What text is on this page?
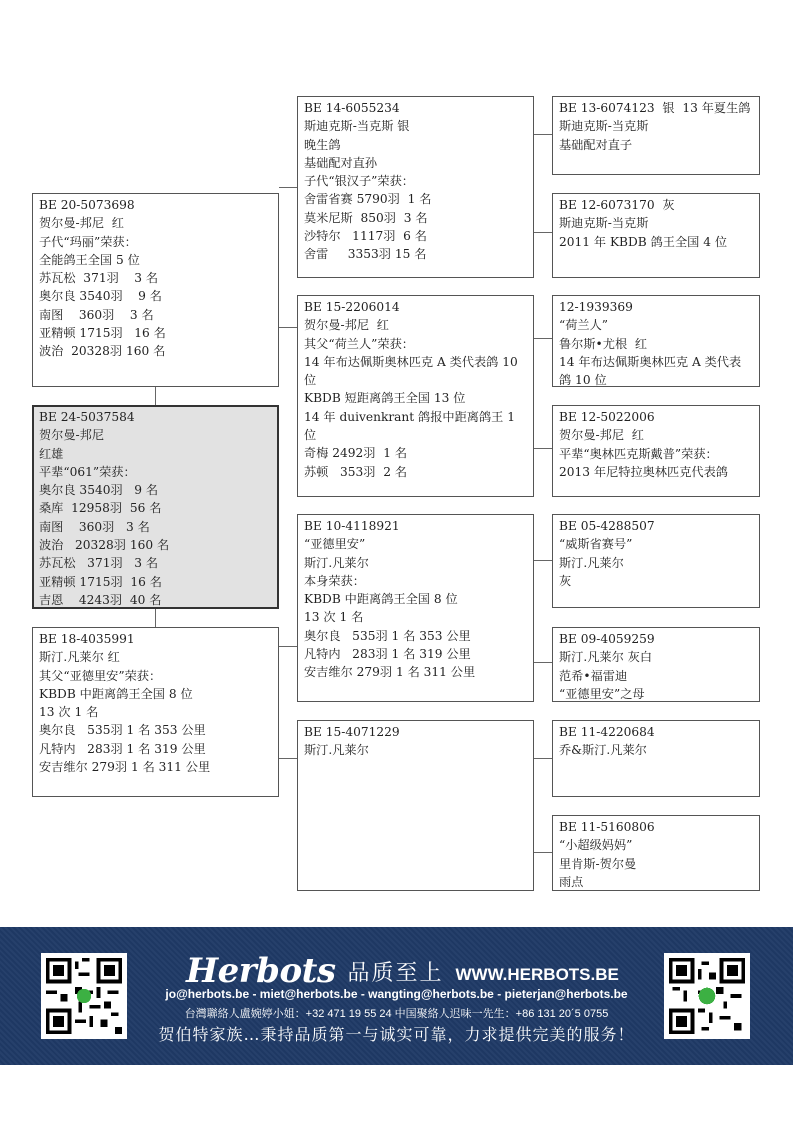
BE 20-5073698
贺尔曼-邦尼  红
子代“玛丽”荣获：
全能鸽王全国 5 位
苏瓦松  371羽    3 名
奥尔良 3540羽    9 名
南图    360羽    3 名
亚精顿 1715羽   16 名
波治  20328羽 160 名
BE 24-5037584
贺尔曼-邦尼
红雄
平辈“061”荣获：
奥尔良 3540羽   9 名
桑库  12958羽  56 名
南图    360羽   3 名
波治   20328羽 160 名
苏瓦松   371羽   3 名
亚精顿 1715羽  16 名
吉恩    4243羽  40 名
BE 18-4035991
斯汀.凡莱尔 红
其父“亚德里安”荣获：
KBDB 中距离鸽王全国 8 位
13 次 1 名
奥尔良   535羽 1 名 353 公里
凡特内   283羽 1 名 319 公里
安吉维尔 279羽 1 名 311 公里
BE 14-6055234
斯迪克斯-当克斯 银
晚生鸽
基础配对直孙
子代“银汉子”荣获：
舍雷省赛 5790羽  1 名
莫米尼斯  850羽  3 名
沙特尔   1117羽  6 名
舍雷     3353羽 15 名
BE 15-2206014
贺尔曼-邦尼  红
其父“荷兰人”荣获：
14 年布达佩斯奥林匹克 A 类代表鸽 10 位
KBDB 短距离鸽王全国 13 位
14 年 duivenkrant 鸽报中距离鸽王 1 位
奇梅 2492羽  1 名
苏顿   353羽  2 名
BE 10-4118921
“亚德里安”
斯汀.凡莱尔
本身荣获：
KBDB 中距离鸽王全国 8 位
13 次 1 名
奥尔良   535羽 1 名 353 公里
凡特内   283羽 1 名 319 公里
安吉维尔 279羽 1 名 311 公里
BE 15-4071229
斯汀.凡莱尔
BE 13-6074123  银  13 年夏生鸽
斯迪克斯-当克斯
基础配对直子
BE 12-6073170  灰
斯迪克斯-当克斯
2011 年 KBDB 鸽王全国 4 位
12-1939369
“荷兰人”
鲁尔斯•尤根  红
14 年布达佩斯奥林匹克 A 类代表鸽 10 位
BE 12-5022006
贺尔曼-邦尼  红
平辈“奥林匹克斯戴普”荣获：
2013 年尼特拉奥林匹克代表鸽
BE 05-4288507
“威斯省赛号”
斯汀.凡莱尔
灰
BE 09-4059259
斯汀.凡莱尔 灰白
范希•福雷迪
“亚德里安”之母
BE 11-4220684
乔&斯汀.凡莱尔
BE 11-5160806
“小超级妈妈”
里肯斯-贺尔曼
雨点
Herbots 品质至上 WWW.HERBOTS.BE
jo@herbots.be - miet@herbots.be - wangting@herbots.be - pieterjan@herbots.be
台灣聯絡人盧婉婷小姐：+32 471 19 55 24 中国聚絡人迟味一先生：+86 131 20´5 0755
贺伯特家族…秉持品质第一与诚实可靠，力求提供完美的服务！
